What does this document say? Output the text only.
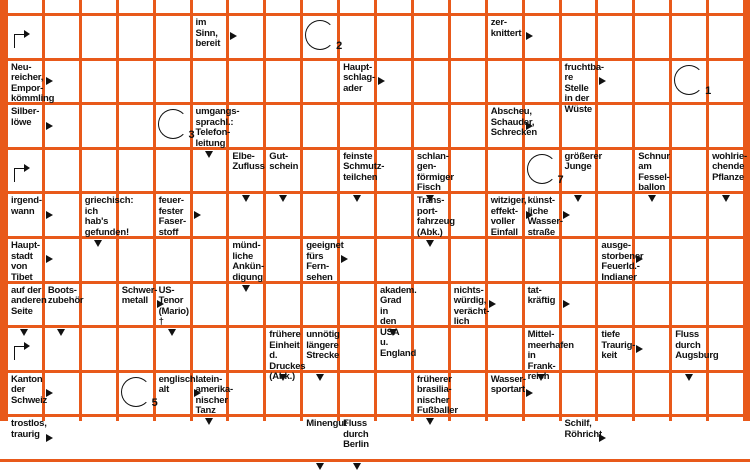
im Sinn,
bereit
zer-
knittert
Neu-
reicher,
Empor-
kömmling
Haupt-
schlag-
ader
fruchtba-
re Stelle
in der
Wüste
Silber-
löwe
umgangs-
sprachl.:
Telefon-
leitung
Abscheu,
Schauder,
Schrecken
Elbe-
Zufluss
Gut-
schein
feinste
Schmutz-
teilchen
schlan-
gen-
förmiger
Fisch
größerer
Junge
Schnur
am Fessel-
ballon
wohlrie-
chende
Pflanze
irgend-
wann
griechisch:
ich hab's
gefunden!
feuer-
fester
Faser-
stoff
Trans-
port-
fahrzeug
(Abk.)
witziger,
effekt-
voller
Einfall
künst-
liche
Wasser-
straße
Haupt-
stadt von
Tibet
münd-
liche
Ankün-
digung
geeignet
fürs
Fern-
sehen
ausge-
storbener
Feuerld.-
Indianer
auf der
anderen
Seite
Boots-
zubehör
Schwer-
metall
US-Tenor
(Mario) †
akadem.
Grad in
den USA
u. England
nichts-
würdig,
verächt-
lich
tat-
kräftig
frühere
Einheit
d. Druckes
(Abk.)
unnötig
längere
Strecke
Mittel-
meerhafen
in Frank-
reich
tiefe
Traurig-
keit
Fluss
durch
Augsburg
Kanton
der
Schweiz
englisch:
alt
latein-
amerika-
nischer
Tanz
früherer
brasilia-
nischer
Fußballer
Wasser-
sportart
trostlos,
traurig
Minengut
Fluss
durch
Berlin
Schilf,
Röhricht
2
1
3
7
5
